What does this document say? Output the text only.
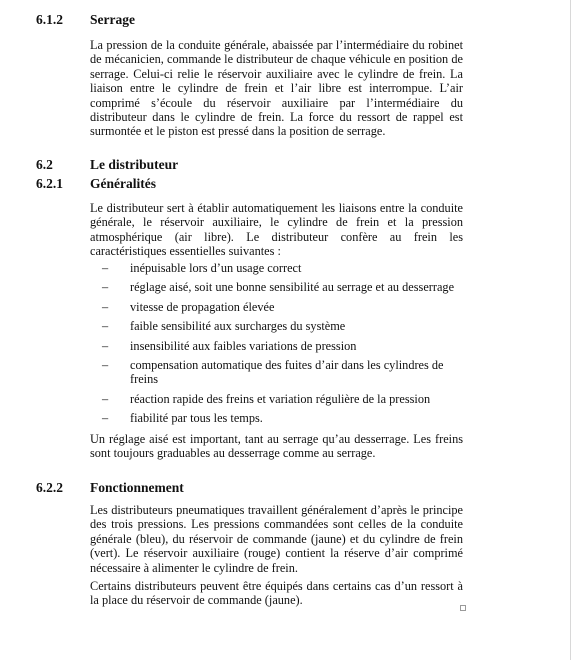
6.1.2 Serrage

La pression de la conduite générale, abaissée par l’intermédiaire du robinet de mécanicien, commande le distributeur de chaque véhicule en position de serrage. Celui-ci relie le réservoir auxiliaire avec le cylindre de frein. La liaison entre le cylindre de frein et l’air libre est interrompue. L’air comprimé s’écoule du réservoir auxiliaire par l’intermédiaire du distributeur dans le cylindre de frein. La force du ressort de rappel est surmontée et le piston est pressé dans la position de serrage.

6.2	Le distributeur
6.2.1 Généralités

Le distributeur sert à établir automatiquement les liaisons entre la conduite générale, le réservoir auxiliaire, le cylindre de frein et la pression atmosphérique (air libre). Le distributeur confère au frein les caractéristiques essentielles suivantes :

– inépuisable lors d’un usage correct
– réglage aisé, soit une bonne sensibilité au serrage et au desserrage
– vitesse de propagation élevée
– faible sensibilité aux surcharges du système
– insensibilité aux faibles variations de pression
– compensation automatique des fuites d’air dans les cylindres de freins
– réaction rapide des freins et variation régulière de la pression
– fiabilité par tous les temps.

Un réglage aisé est important, tant au serrage qu’au desserrage. Les freins sont toujours graduables au desserrage comme au serrage.

6.2.2 Fonctionnement

Les distributeurs pneumatiques travaillent généralement d’après le principe des trois pressions. Les pressions commandées sont celles de la conduite générale (bleu), du réservoir de commande (jaune) et du cylindre de frein (vert). Le réservoir auxiliaire (rouge) contient la réserve d’air comprimé nécessaire à alimenter le cylindre de frein.

Certains distributeurs peuvent être équipés dans certains cas d’un ressort à la place du réservoir de commande (jaune).
